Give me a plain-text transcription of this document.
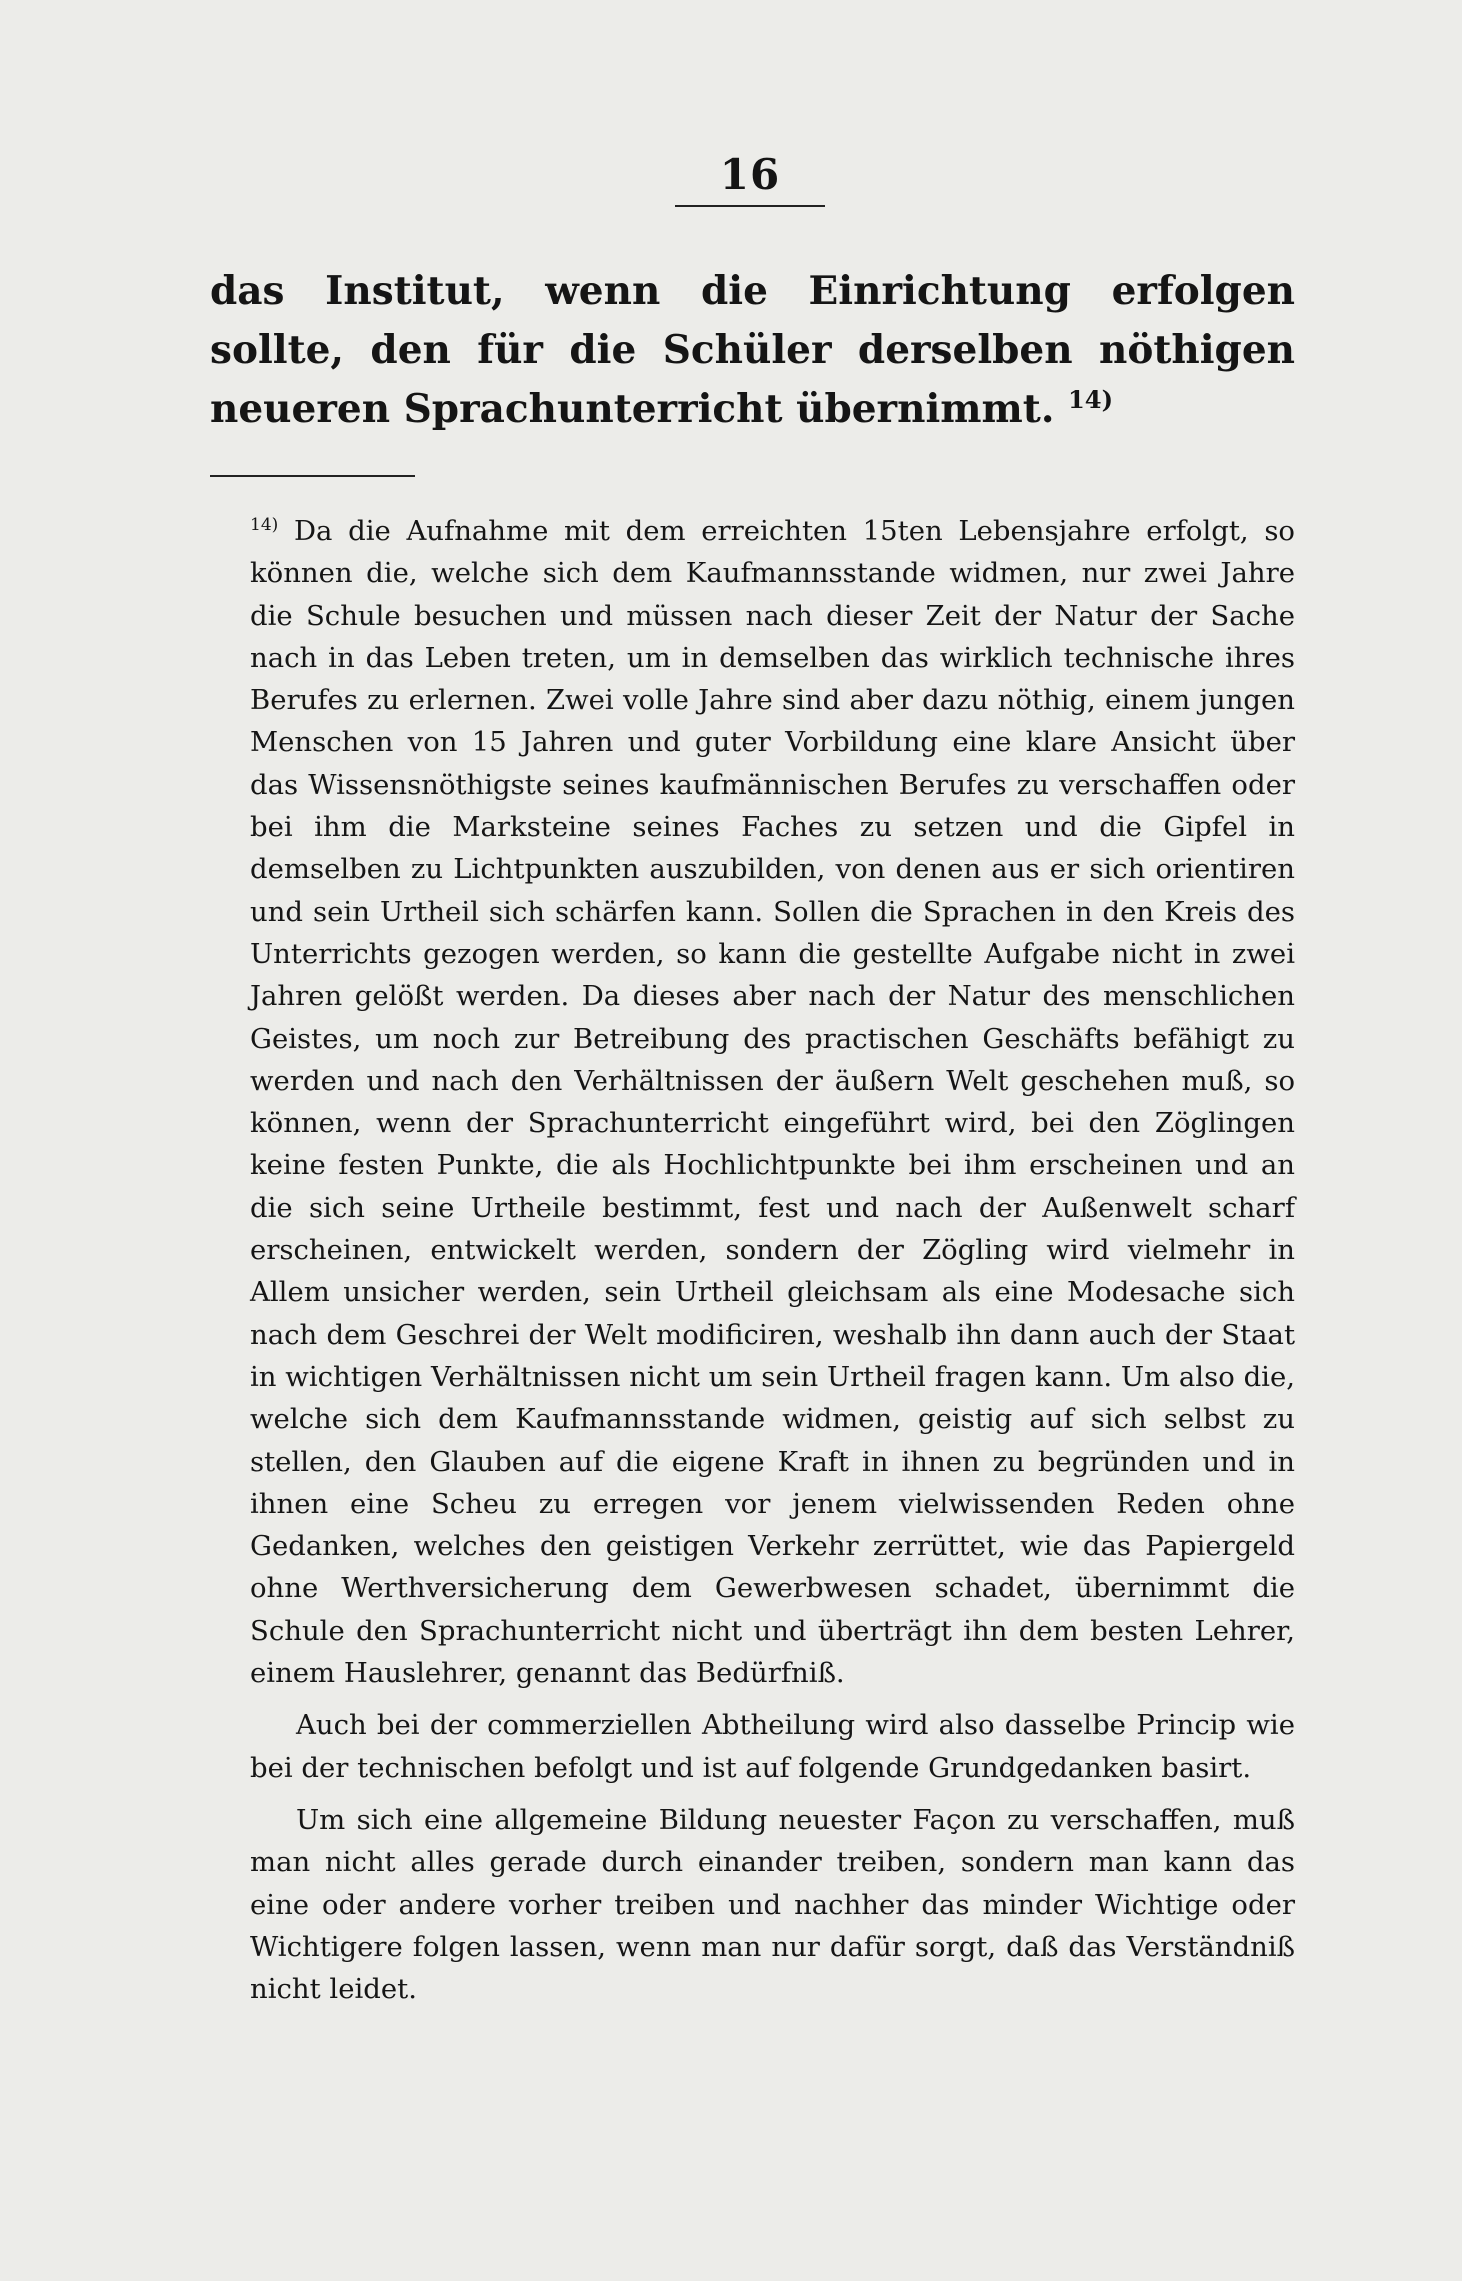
16
das Institut, wenn die Einrichtung erfolgen sollte, den für die Schüler derselben nöthigen neueren Sprachunterricht übernimmt. $^{14)}$

$^{14)}$ Da die Aufnahme mit dem erreichten 15ten Lebensjahre erfolgt, so können die, welche sich dem Kaufmannsstande widmen, nur zwei Jahre die Schule besuchen und müssen nach dieser Zeit der Natur der Sache nach in das Leben treten, um in demselben das wirklich technische ihres Berufes zu erlernen. Zwei volle Jahre sind aber dazu nöthig, einem jungen Menschen von 15 Jahren und guter Vorbildung eine klare Ansicht über das Wissensnöthigste seines kaufmännischen Berufes zu verschaffen oder bei ihm die Marksteine seines Faches zu setzen und die Gipfel in demselben zu Lichtpunkten auszubilden, von denen aus er sich orientiren und sein Urtheil sich schärfen kann. Sollen die Sprachen in den Kreis des Unterrichts gezogen werden, so kann die gestellte Aufgabe nicht in zwei Jahren gelößt werden. Da dieses aber nach der Natur des menschlichen Geistes, um noch zur Betreibung des practischen Geschäfts befähigt zu werden und nach den Verhältnissen der äußern Welt geschehen muß, so können, wenn der Sprachunterricht eingeführt wird, bei den Zöglingen keine festen Punkte, die als Hochlichtpunkte bei ihm erscheinen und an die sich seine Urtheile bestimmt, fest und nach der Außenwelt scharf erscheinen, entwickelt werden, sondern der Zögling wird vielmehr in Allem unsicher werden, sein Urtheil gleichsam als eine Modesache sich nach dem Geschrei der Welt modificiren, weshalb ihn dann auch der Staat in wichtigen Verhältnissen nicht um sein Urtheil fragen kann. Um also die, welche sich dem Kaufmannsstande widmen, geistig auf sich selbst zu stellen, den Glauben auf die eigene Kraft in ihnen zu begründen und in ihnen eine Scheu zu erregen vor jenem vielwissenden Reden ohne Gedanken, welches den geistigen Verkehr zerrüttet, wie das Papiergeld ohne Werthversicherung dem Gewerbwesen schadet, übernimmt die Schule den Sprachunterricht nicht und überträgt ihn dem besten Lehrer, einem Hauslehrer, genannt das Bedürfniß.

Auch bei der commerziellen Abtheilung wird also dasselbe Princip wie bei der technischen befolgt und ist auf folgende Grundgedanken basirt.

Um sich eine allgemeine Bildung neuester Façon zu verschaffen, muß man nicht alles gerade durch einander treiben, sondern man kann das eine oder andere vorher treiben und nachher das minder Wichtige oder Wichtigere folgen lassen, wenn man nur dafür sorgt, daß das Verständniß nicht leidet.
